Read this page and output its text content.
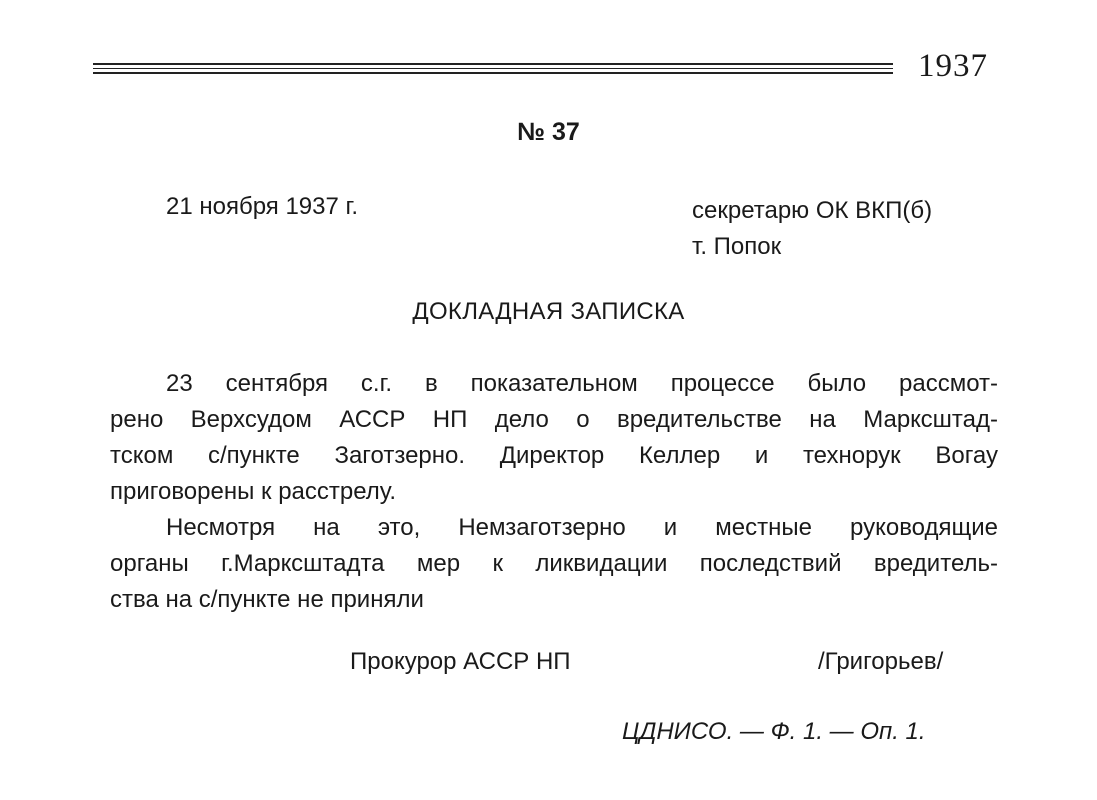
1937
№ 37
21 ноября 1937 г.	секретарю ОК ВКП(б)
т. Попок
ДОКЛАДНАЯ ЗАПИСКА
23 сентября с.г. в показательном процессе было рассмот-
рено Верхсудом АССР НП дело о вредительстве на Маркcштад-
тском с/пункте Заготзерно. Директор Келлер и технорук Вогау
приговорены к расстрелу.
Несмотря на это, Немзаготзерно и местные руководящие
органы г.Маркcштадта мер к ликвидации последствий вредитель-
ства на с/пункте не приняли
Прокурор АССР НП	/Григорьев/
ЦДНИСО. — Ф. 1. — Оп. 1.
